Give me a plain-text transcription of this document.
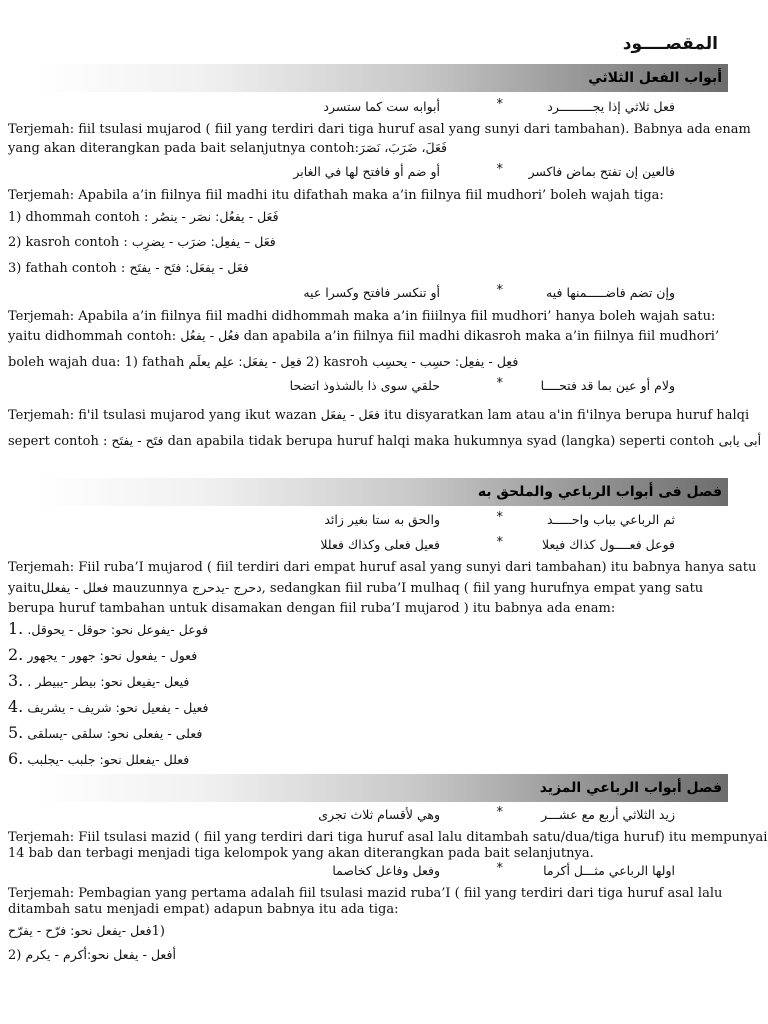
المقصــــود
أبواب الفعل الثلاثي
فعل ثلاثي إذا يجـــــــــرد
*
أبوابه ست كما ستسرد
Terjemah: fiil tsulasi mujarod ( fiil yang terdiri dari tiga huruf asal yang sunyi dari tambahan). Babnya ada enam
yang akan diterangkan pada bait selanjutnya contoh:فَعَلَ، ضَرَبَ، نَصَرَ
فالعين إن تفتح بماض فاكسر
*
أو ضم أو فافتح لها في الغابر
Terjemah: Apabila a’in fiilnya fiil madhi itu difathah maka a’in fiilnya fiil mudhori’ boleh wajah tiga:
1) dhommah contoh : فَعَل - يفعُل: نصَر - ينصُر
2) kasroh contoh : فعَل – يفعِل: ضرَب - يضرِب
3) fathah contoh : فعَل - يفعَل: فتَح - يفتَح
وإن تضم فاضـــــمنها فيه
*
أو تنكسر فافتح وكسرا عيه
Terjemah: Apabila a’in fiilnya fiil madhi didhommah maka a’in fiiilnya fiil mudhori’ hanya boleh wajah satu:
yaitu didhommah contoh: فعُل - يفعُل dan apabila a’in fiilnya fiil madhi dikasroh maka a’in fiilnya fiil mudhori’
boleh wajah dua: 1) fathah فعِل - يفعَل: علِم يعلَم 2) kasroh فعِل - يفعِل: حسِب - يحسِب
ولام أو عين بما قد فتحــــا
*
حلقي سوى ذا بالشذوذ اتضحا
Terjemah: fi'il tsulasi mujarod yang ikut wazan فعَل - يفعَل itu disyaratkan lam atau a'in fi'ilnya berupa huruf halqi
sepert contoh : فتَح - يفتَح dan apabila tidak berupa huruf halqi maka hukumnya syad (langka) seperti contoh أبى يابى
فصل فى أبواب الرباعي والملحق به
ثم الرباعي بباب واحـــــد
*
والحق به ستا بغير زائد
فوعل فعــــول كذاك فيعلا
*
فعيل فعلى وكذاك فعللا
Terjemah: Fiil ruba’I mujarod ( fiil terdiri dari empat huruf asal yang sunyi dari tambahan) itu babnya hanya satu
yaituفعلل - يفعلل mauzunnya دحرج -يدحرج, sedangkan fiil ruba’I mulhaq ( fiil yang hurufnya empat yang satu
berupa huruf tambahan untuk disamakan dengan fiil ruba’I mujarod ) itu babnya ada enam:
1. فوعل -يفوعل نحو: حوقل - يحوقل.
2. فعول - يفعول نحو: جهور - يجهور
3. فيعل -يفيعل نحو: بيطر -يبيطر .
4. فعيل - يفعيل نحو: شريف - يشريف
5. فعلى - يفعلى نحو: سلقى -يسلقى
6. فعلل -يفعلل نحو: جلبب -يجلبب
فصل أبواب الرباعي المزيد
زيد الثلاثي أربع مع عشـــر
*
وهي لأقسام ثلاث تجرى
Terjemah: Fiil tsulasi mazid ( fiil yang terdiri dari tiga huruf asal lalu ditambah satu/dua/tiga huruf) itu mempunyai
14 bab dan terbagi menjadi tiga kelompok yang akan diterangkan pada bait selanjutnya.
اولها الرباعي مثـــل أكرما
*
وفعل وفاعل كخاصما
Terjemah: Pembagian yang pertama adalah fiil tsulasi mazid ruba’I ( fiil yang terdiri dari tiga huruf asal lalu
ditambah satu menjadi empat) adapun babnya itu ada tiga:
فعل -يفعل نحو: فرّح - يفرّح1)
2) أفعل - يفعل نحو:أكرم - يكرم
